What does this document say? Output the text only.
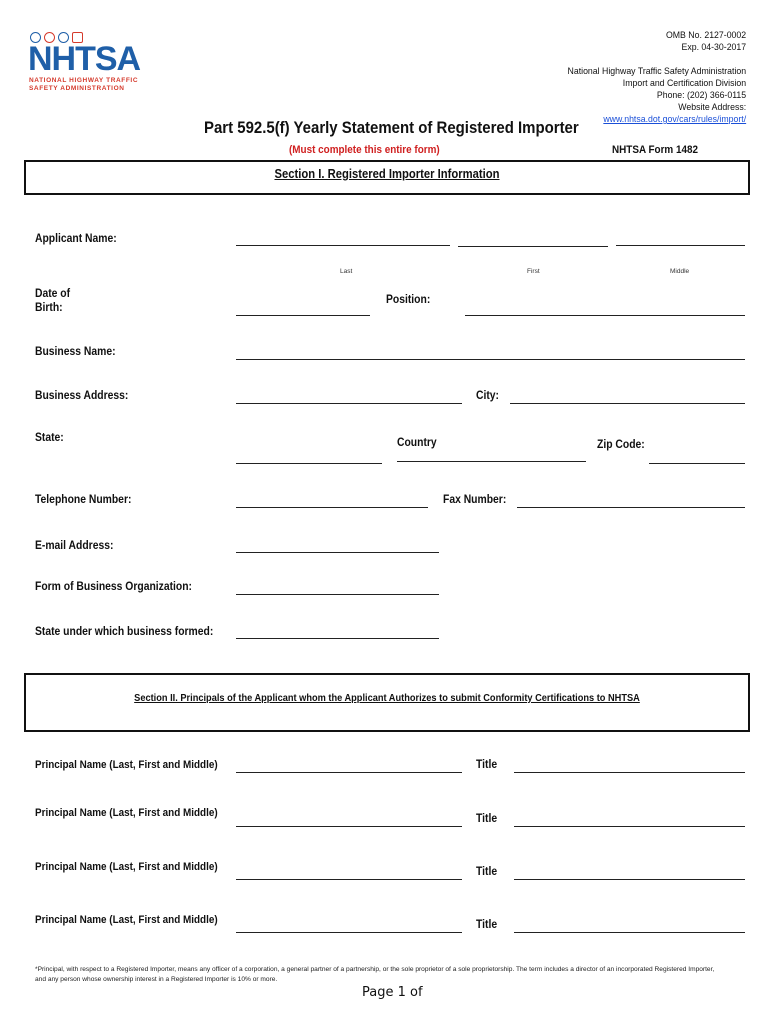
NHTSA
NATIONAL HIGHWAY TRAFFIC
SAFETY ADMINISTRATION
OMB No. 2127-0002
Exp. 04-30-2017
National Highway Traffic Safety Administration
Import and Certification Division
Phone: (202) 366-0115
Website Address:
www.nhtsa.dot.gov/cars/rules/import/
Part 592.5(f) Yearly Statement of Registered Importer
(Must complete this entire form)	NHTSA Form 1482
Section I. Registered Importer Information
Applicant Name:
Last	First	Middle
Date of
Birth:
Position:
Business Name:
Business Address:	City:
State:	Country	Zip Code:
Telephone Number:	Fax Number:
E-mail Address:
Form of Business Organization:
State under which business formed:
Section II. Principals of the Applicant whom the Applicant Authorizes to submit Conformity Certifications to NHTSA
Principal Name (Last, First and Middle)	Title
Principal Name (Last, First and Middle)	Title
Principal Name (Last, First and Middle)	Title
Principal Name (Last, First and Middle)	Title
*Principal, with respect to a Registered Importer, means any officer of a corporation, a general partner of a partnership, or the sole proprietor of a sole proprietorship. The term includes a director of an incorporated Registered Importer, and any person whose ownership interest in a Registered Importer is 10% or more.
Page 1 of
